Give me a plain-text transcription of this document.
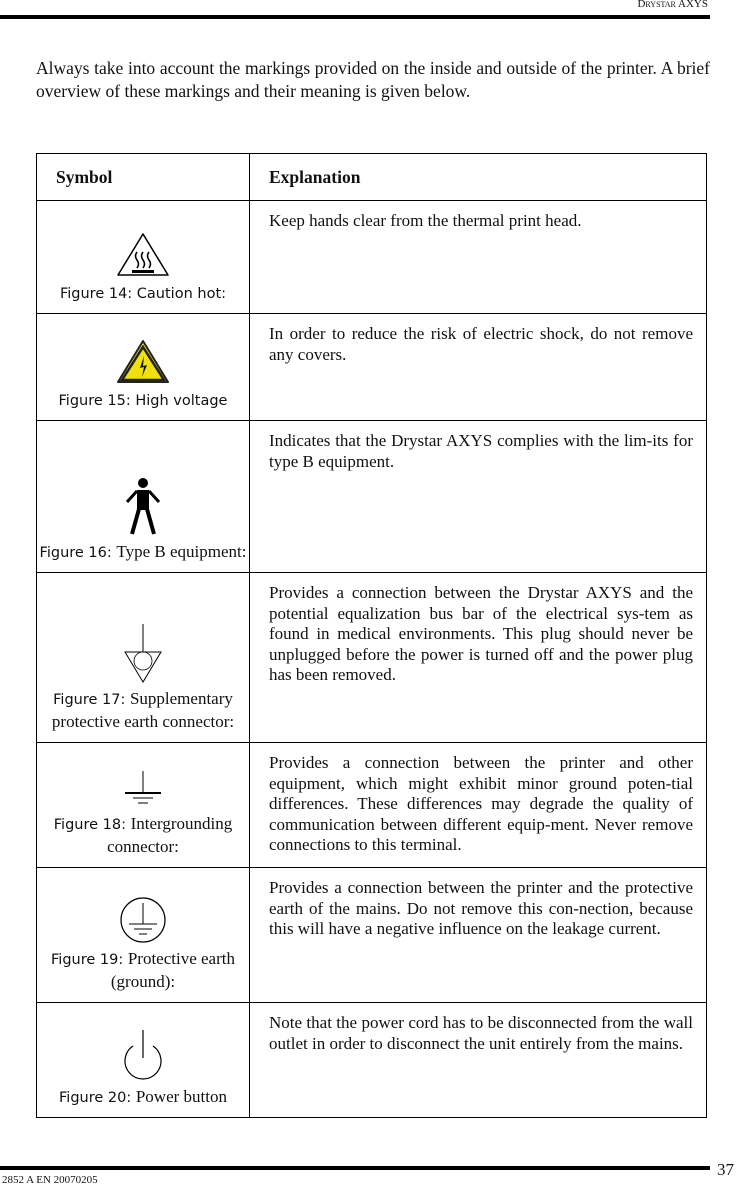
Drystar AXYS

Always take into account the markings provided on the inside and outside of the printer. A brief overview of these markings and their meaning is given below.

Symbol	Explanation

Figure 14: Caution hot:	Keep hands clear from the thermal print head.

Figure 15: High voltage	In order to reduce the risk of electric shock, do not remove any covers.

Figure 16: Type B equipment:	Indicates that the Drystar AXYS complies with the lim-its for type B equipment.

Figure 17: Supplementary protective earth connector:	Provides a connection between the Drystar AXYS and the potential equalization bus bar of the electrical sys-tem as found in medical environments. This plug should never be unplugged before the power is turned off and the power plug has been removed.

Figure 18: Intergrounding connector:	Provides a connection between the printer and other equipment, which might exhibit minor ground poten-tial differences. These differences may degrade the quality of communication between different equip-ment. Never remove connections to this terminal.

Figure 19: Protective earth (ground):	Provides a connection between the printer and the protective earth of the mains. Do not remove this con-nection, because this will have a negative influence on the leakage current.

Figure 20: Power button	Note that the power cord has to be disconnected from the wall outlet in order to disconnect the unit entirely from the mains.
37
2852 A EN 20070205
